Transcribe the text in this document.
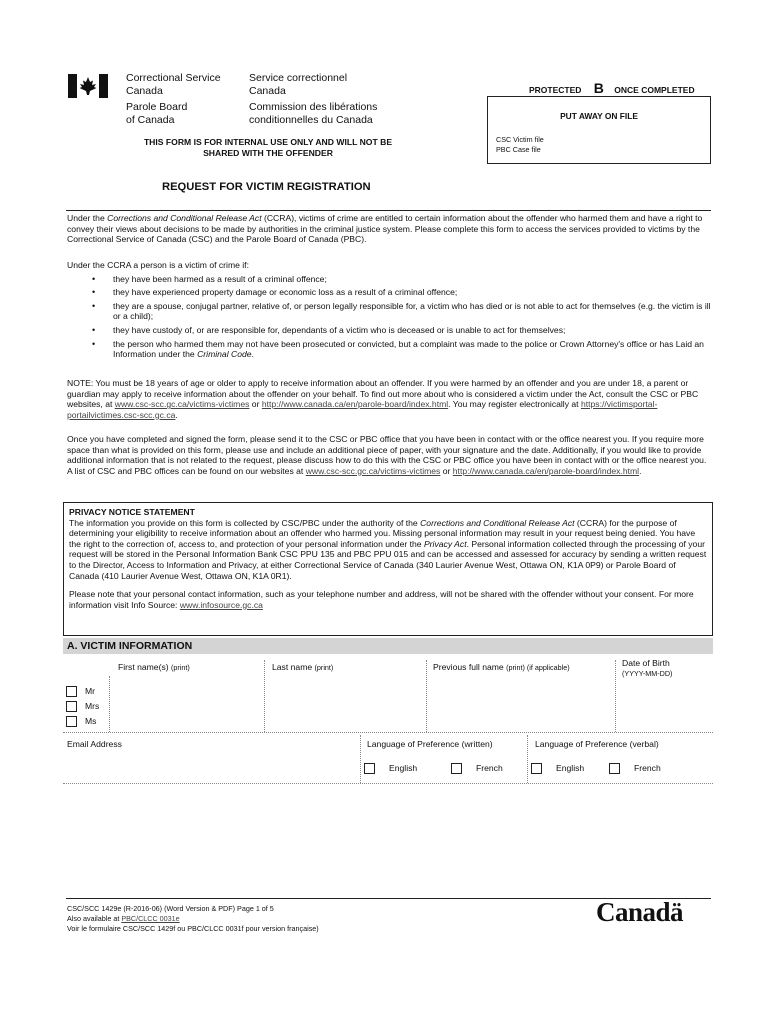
Correctional Service
Canada
Parole Board
of Canada
Service correctionnel
Canada
Commission des libérations
conditionnelles du Canada
THIS FORM IS FOR INTERNAL USE ONLY AND WILL NOT BE
SHARED WITH THE OFFENDER
PROTECTED B ONCE COMPLETED
PUT AWAY ON FILE
CSC Victim file
PBC Case file
REQUEST FOR VICTIM REGISTRATION
Under the Corrections and Conditional Release Act (CCRA), victims of crime are entitled to certain information about the offender who harmed them and have a right to convey their views about decisions to be made by authorities in the criminal justice system. Please complete this form to access the services provided to victims by the Correctional Service of Canada (CSC) and the Parole Board of Canada (PBC).
Under the CCRA a person is a victim of crime if:
• they have been harmed as a result of a criminal offence;
• they have experienced property damage or economic loss as a result of a criminal offence;
• they are a spouse, conjugal partner, relative of, or person legally responsible for, a victim who has died or is not able to act for themselves (e.g. the victim is ill or a child);
• they have custody of, or are responsible for, dependants of a victim who is deceased or is unable to act for themselves;
• the person who harmed them may not have been prosecuted or convicted, but a complaint was made to the police or Crown Attorney's office or has Laid an Information under the Criminal Code.
NOTE: You must be 18 years of age or older to apply to receive information about an offender. If you were harmed by an offender and you are under 18, a parent or guardian may apply to receive information about the offender on your behalf. To find out more about who is considered a victim under the Act, consult the CSC or PBC websites, at www.csc-scc.gc.ca/victims-victimes or http://www.canada.ca/en/parole-board/index.html. You may register electronically at https://victimsportal-portailvictimes.csc-scc.gc.ca.
Once you have completed and signed the form, please send it to the CSC or PBC office that you have been in contact with or the office nearest you. If you require more space than what is provided on this form, please use and include an additional piece of paper, with your signature and the date. Additionally, if you would like to provide additional information that is not related to the request, please discuss how to do this with the CSC or PBC office you have been in contact with or the office nearest you. A list of CSC and PBC offices can be found on our websites at www.csc-scc.gc.ca/victims-victimes or http://www.canada.ca/en/parole-board/index.html.
PRIVACY NOTICE STATEMENT
The information you provide on this form is collected by CSC/PBC under the authority of the Corrections and Conditional Release Act (CCRA) for the purpose of determining your eligibility to receive information about an offender who harmed you. Missing personal information may result in your request being denied. You have the right to the correction of, access to, and protection of your personal information under the Privacy Act. Personal information collected through the processing of your request will be stored in the Personal Information Bank CSC PPU 135 and PBC PPU 015 and can be accessed and assessed for accuracy by sending a written request to the Director, Access to Information and Privacy, at either Correctional Service of Canada (340 Laurier Avenue West, Ottawa ON, K1A 0P9) or Parole Board of Canada (410 Laurier Avenue West, Ottawa ON, K1A 0R1).
Please note that your personal contact information, such as your telephone number and address, will not be shared with the offender without your consent. For more information visit Info Source: www.infosource.gc.ca
A. VICTIM INFORMATION
First name(s) (print)	Last name (print)	Previous full name (print) (if applicable)	Date of Birth
(YYYY-MM-DD)
Mr
Mrs
Ms
Email Address	Language of Preference (written)	Language of Preference (verbal)
English	French	English	French
CSC/SCC 1429e (R-2016-06) (Word Version & PDF) Page 1 of 5
Also available at PBC/CLCC 0031e
Voir le formulaire CSC/SCC 1429f ou PBC/CLCC 0031f pour version française)
Canadä
